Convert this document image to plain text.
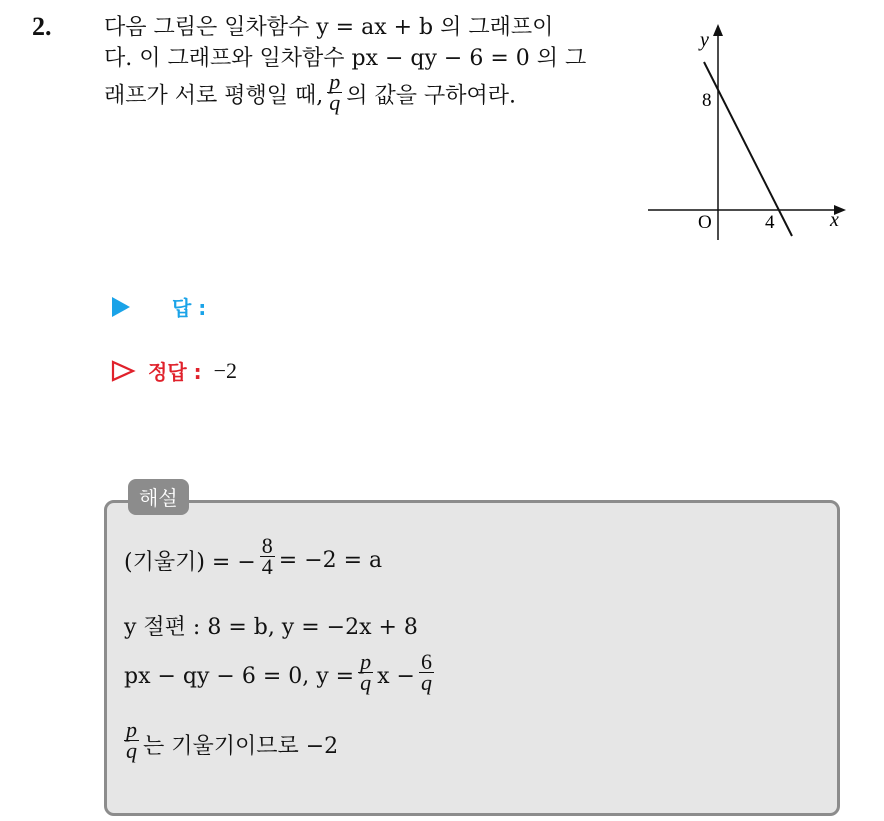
2. 다음 그림은 일차함수 y = ax + b 의 그래프이
다. 이 그래프와 일차함수 px − qy − 6 = 0 의 그
래프가 서로 평행일 때, $\frac{p}{q}$ 의 값을 구하여라.
y
x
O
8
4
답 :
정답 : −2
해설
(기울기) = − $\frac{8}{4} = -2 = a$
y 절편 : 8 = b, y = −2x + 8
px − qy − 6 = 0, $y = \frac{p}{q}$ $x - \frac{6}{q}$
$\frac{p}{q}$ 는 기울기이므로 −2
